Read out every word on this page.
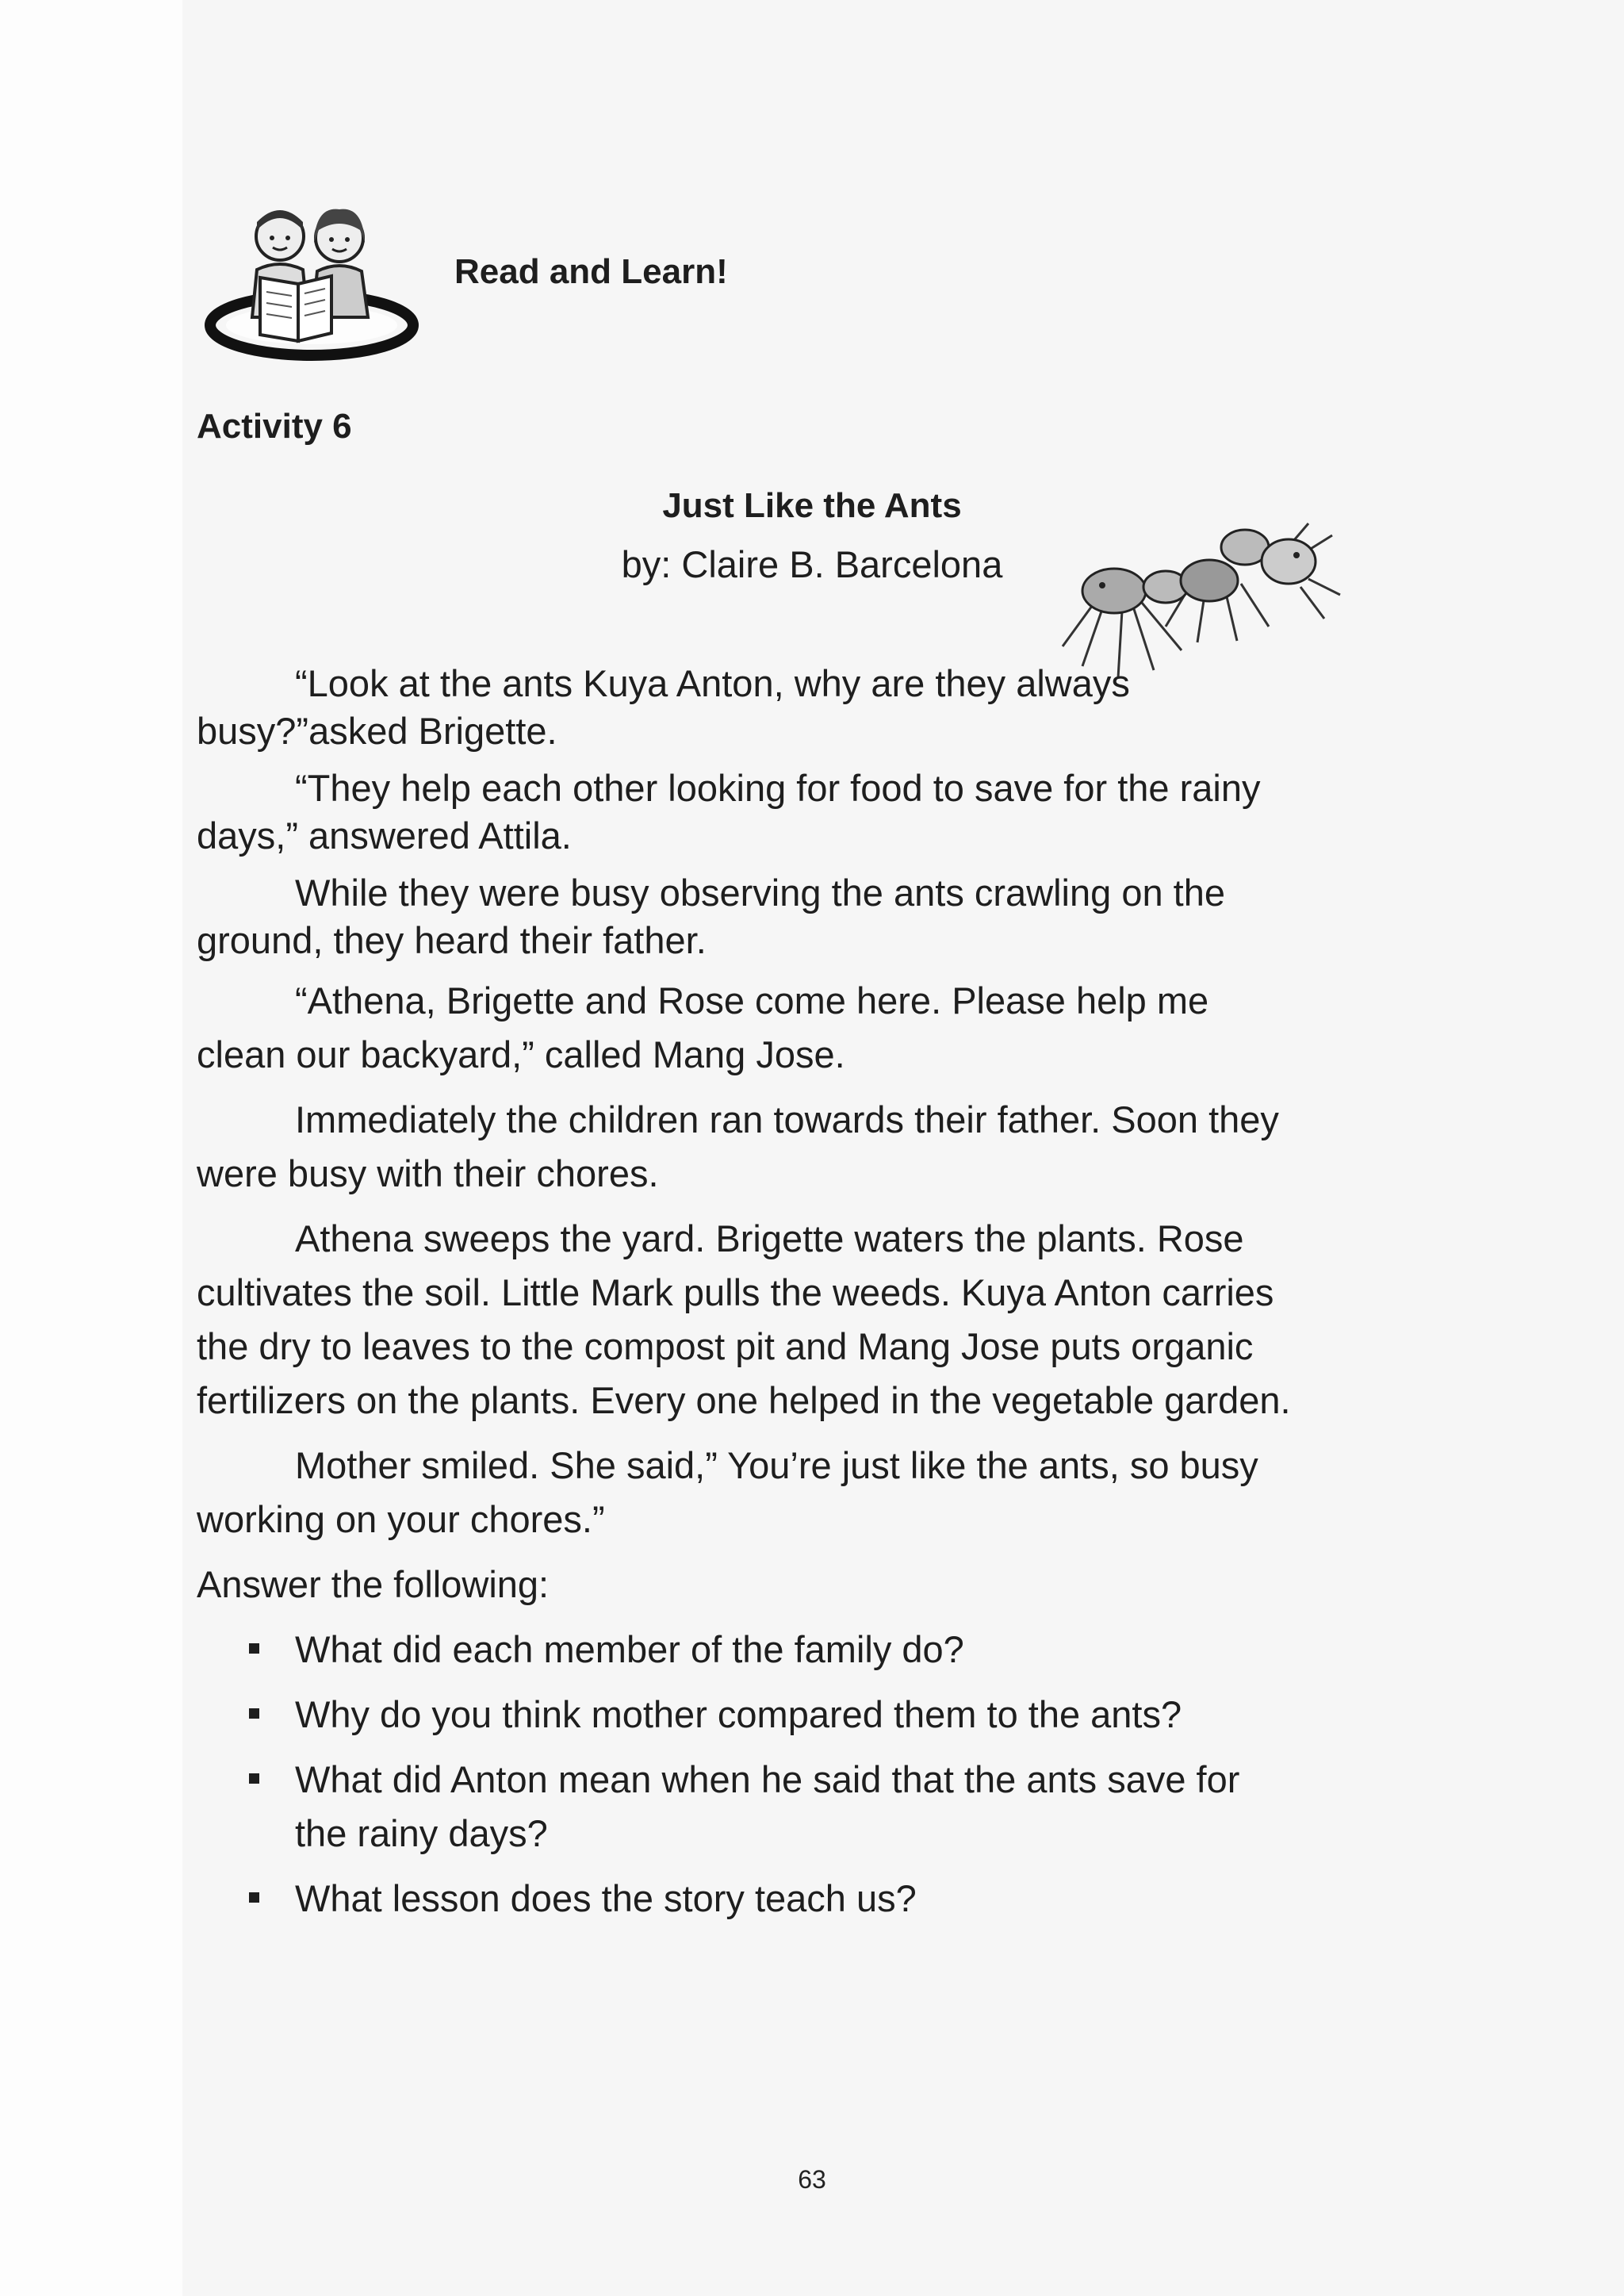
Read and Learn!
Activity 6
Just Like the Ants
by: Claire B. Barcelona
“Look at the ants Kuya Anton, why are they always
busy?”asked Brigette.
“They help each other looking for food to save for the rainy
days,” answered Attila.
While they were busy observing the ants crawling on the
ground, they heard their father.
“Athena, Brigette and Rose come here. Please help me
clean our backyard,” called Mang Jose.
Immediately the children ran towards their father. Soon they
were busy with their chores.
Athena sweeps the yard. Brigette waters the plants. Rose
cultivates the soil. Little Mark pulls the weeds. Kuya Anton carries
the dry to leaves to the compost pit and Mang Jose puts organic
fertilizers on the plants. Every one helped in the vegetable garden.
Mother smiled. She said,” You’re just like the ants, so busy
working on your chores.”
Answer the following:
What did each member of the family do?
Why do you think mother compared them to the ants?
What did Anton mean when he said that the ants save for
the rainy days?
What lesson does the story teach us?
63
